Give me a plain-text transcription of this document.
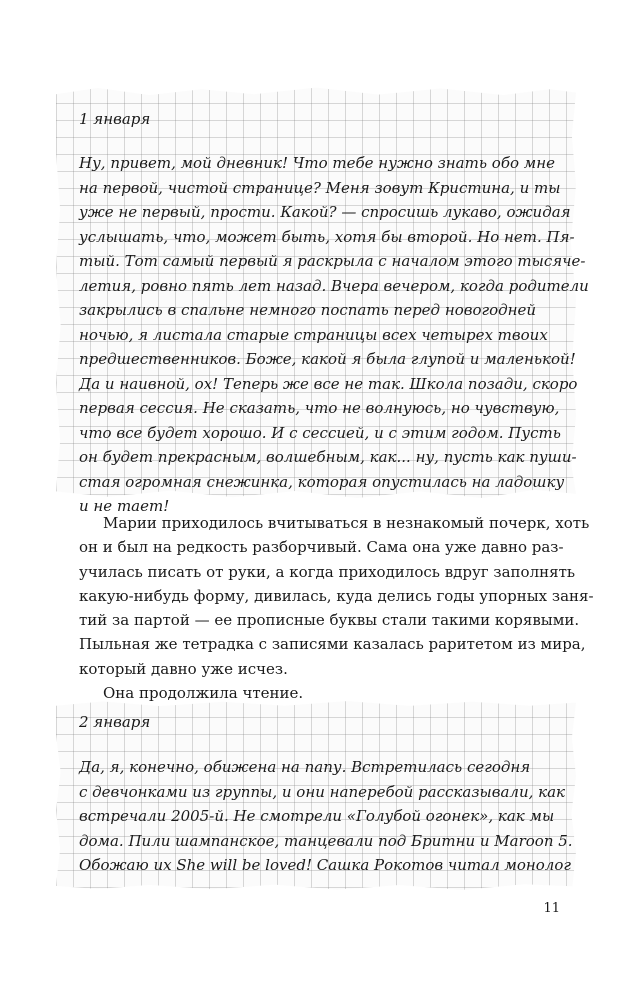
1 января

Ну, привет, мой дневник! Что тебе нужно знать обо мне

на первой, чистой странице? Меня зовут Кристина, и ты

уже не первый, прости. Какой? — спросишь лукаво, ожидая

услышать, что, может быть, хотя бы второй. Но нет. Пя-

тый. Тот самый первый я раскрыла с началом этого тысяче-

летия, ровно пять лет назад. Вчера вечером, когда родители

закрылись в спальне немного поспать перед новогодней

ночью, я листала старые страницы всех четырех твоих

предшественников. Боже, какой я была глупой и маленькой!

Да и наивной, ох! Теперь же все не так. Школа позади, скоро

первая сессия. Не сказать, что не волнуюсь, но чувствую,

что все будет хорошо. И с сессией, и с этим годом. Пусть

он будет прекрасным, волшебным, как... ну, пусть как пуши-

стая огромная снежинка, которая опустилась на ладошку

и не тает!

Марии приходилось вчитываться в незнакомый почерк, хоть

он и был на редкость разборчивый. Сама она уже давно раз-

училась писать от руки, а когда приходилось вдруг заполнять

какую-нибудь форму, дивилась, куда делись годы упорных заня-

тий за партой — ее прописные буквы стали такими корявыми.

Пыльная же тетрадка с записями казалась раритетом из мира,

который давно уже исчез.

Она продолжила чтение.

2 января

Да, я, конечно, обижена на папу. Встретилась сегодня

с девчонками из группы, и они наперебой рассказывали, как

встречали 2005-й. Не смотрели «Голубой огонек», как мы

дома. Пили шампанское, танцевали под Бритни и Maroon 5.

Обожаю их She will be loved! Сашка Рокотов читал монолог

11
